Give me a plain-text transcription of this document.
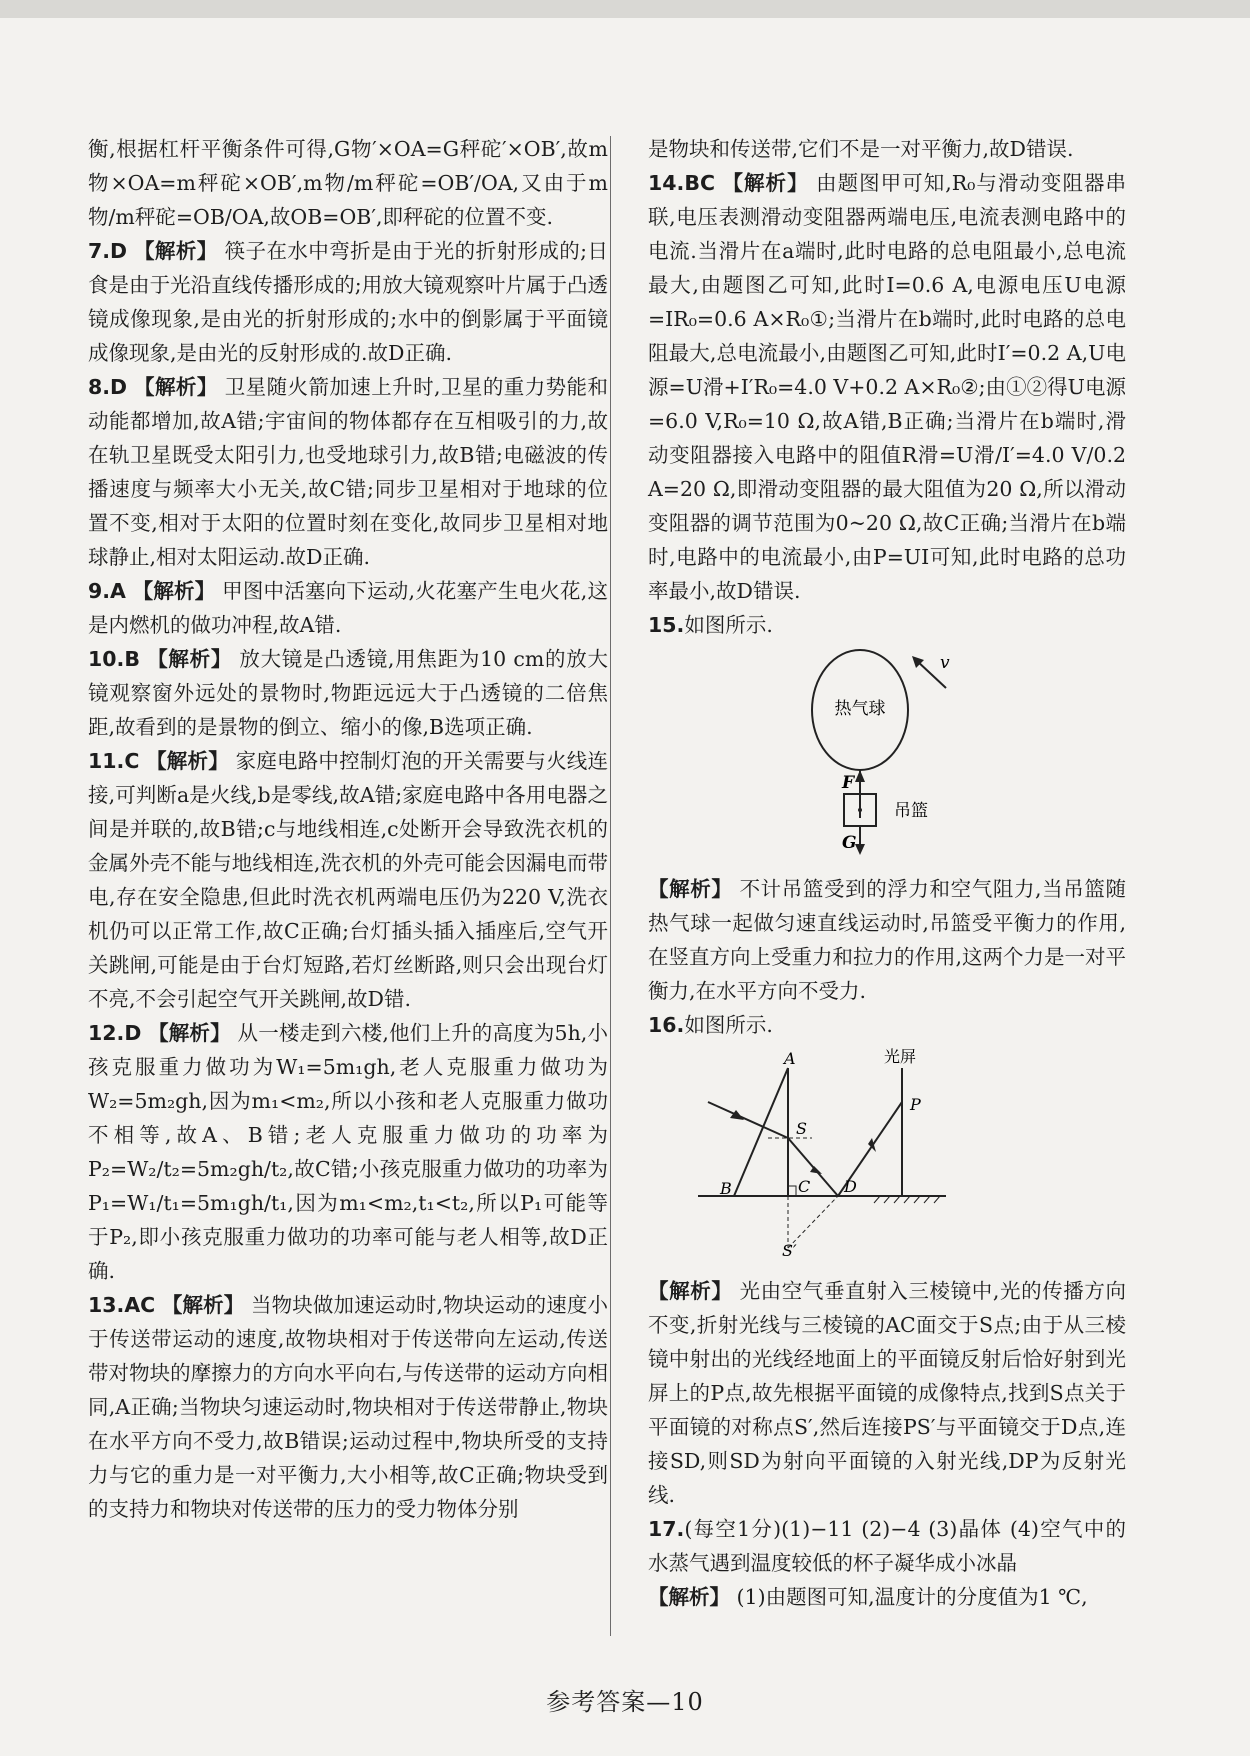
衡,根据杠杆平衡条件可得,G物′×OA=G秤砣′×OB′,故m物×OA=m秤砣×OB′,m物/m秤砣=OB′/OA,又由于m物/m秤砣=OB/OA,故OB=OB′,即秤砣的位置不变.

7.D 【解析】 筷子在水中弯折是由于光的折射形成的;日食是由于光沿直线传播形成的;用放大镜观察叶片属于凸透镜成像现象,是由光的折射形成的;水中的倒影属于平面镜成像现象,是由光的反射形成的.故D正确.

8.D 【解析】 卫星随火箭加速上升时,卫星的重力势能和动能都增加,故A错;宇宙间的物体都存在互相吸引的力,故在轨卫星既受太阳引力,也受地球引力,故B错;电磁波的传播速度与频率大小无关,故C错;同步卫星相对于地球的位置不变,相对于太阳的位置时刻在变化,故同步卫星相对地球静止,相对太阳运动.故D正确.

9.A 【解析】 甲图中活塞向下运动,火花塞产生电火花,这是内燃机的做功冲程,故A错.

10.B 【解析】 放大镜是凸透镜,用焦距为10 cm的放大镜观察窗外远处的景物时,物距远远大于凸透镜的二倍焦距,故看到的是景物的倒立、缩小的像,B选项正确.

11.C 【解析】 家庭电路中控制灯泡的开关需要与火线连接,可判断a是火线,b是零线,故A错;家庭电路中各用电器之间是并联的,故B错;c与地线相连,c处断开会导致洗衣机的金属外壳不能与地线相连,洗衣机的外壳可能会因漏电而带电,存在安全隐患,但此时洗衣机两端电压仍为220 V,洗衣机仍可以正常工作,故C正确;台灯插头插入插座后,空气开关跳闸,可能是由于台灯短路,若灯丝断路,则只会出现台灯不亮,不会引起空气开关跳闸,故D错.

12.D 【解析】 从一楼走到六楼,他们上升的高度为5h,小孩克服重力做功为W₁=5m₁gh,老人克服重力做功为W₂=5m₂gh,因为m₁<m₂,所以小孩和老人克服重力做功不相等,故A、B错;老人克服重力做功的功率为P₂=W₂/t₂=5m₂gh/t₂,故C错;小孩克服重力做功的功率为P₁=W₁/t₁=5m₁gh/t₁,因为m₁<m₂,t₁<t₂,所以P₁可能等于P₂,即小孩克服重力做功的功率可能与老人相等,故D正确.

13.AC 【解析】 当物块做加速运动时,物块运动的速度小于传送带运动的速度,故物块相对于传送带向左运动,传送带对物块的摩擦力的方向水平向右,与传送带的运动方向相同,A正确;当物块匀速运动时,物块相对于传送带静止,物块在水平方向不受力,故B错误;运动过程中,物块所受的支持力与它的重力是一对平衡力,大小相等,故C正确;物块受到的支持力和物块对传送带的压力的受力物体分别

是物块和传送带,它们不是一对平衡力,故D错误.

14.BC 【解析】 由题图甲可知,R₀与滑动变阻器串联,电压表测滑动变阻器两端电压,电流表测电路中的电流.当滑片在a端时,此时电路的总电阻最小,总电流最大,由题图乙可知,此时I=0.6 A,电源电压U电源=IR₀=0.6 A×R₀①;当滑片在b端时,此时电路的总电阻最大,总电流最小,由题图乙可知,此时I′=0.2 A,U电源=U滑+I′R₀=4.0 V+0.2 A×R₀②;由①②得U电源=6.0 V,R₀=10 Ω,故A错,B正确;当滑片在b端时,滑动变阻器接入电路中的阻值R滑=U滑/I′=4.0 V/0.2 A=20 Ω,即滑动变阻器的最大阻值为20 Ω,所以滑动变阻器的调节范围为0~20 Ω,故C正确;当滑片在b端时,电路中的电流最小,由P=UI可知,此时电路的总功率最小,故D错误.

15.如图所示.

热气球
v
F
吊篮
G

【解析】 不计吊篮受到的浮力和空气阻力,当吊篮随热气球一起做匀速直线运动时,吊篮受平衡力的作用,在竖直方向上受重力和拉力的作用,这两个力是一对平衡力,在水平方向不受力.

16.如图所示.

A	光屏
P
S
B	C D
S′

【解析】 光由空气垂直射入三棱镜中,光的传播方向不变,折射光线与三棱镜的AC面交于S点;由于从三棱镜中射出的光线经地面上的平面镜反射后恰好射到光屏上的P点,故先根据平面镜的成像特点,找到S点关于平面镜的对称点S′,然后连接PS′与平面镜交于D点,连接SD,则SD为射向平面镜的入射光线,DP为反射光线.

17.(每空1分)(1)−11 (2)−4 (3)晶体 (4)空气中的水蒸气遇到温度较低的杯子凝华成小冰晶

【解析】 (1)由题图可知,温度计的分度值为1 ℃,

参考答案—10
